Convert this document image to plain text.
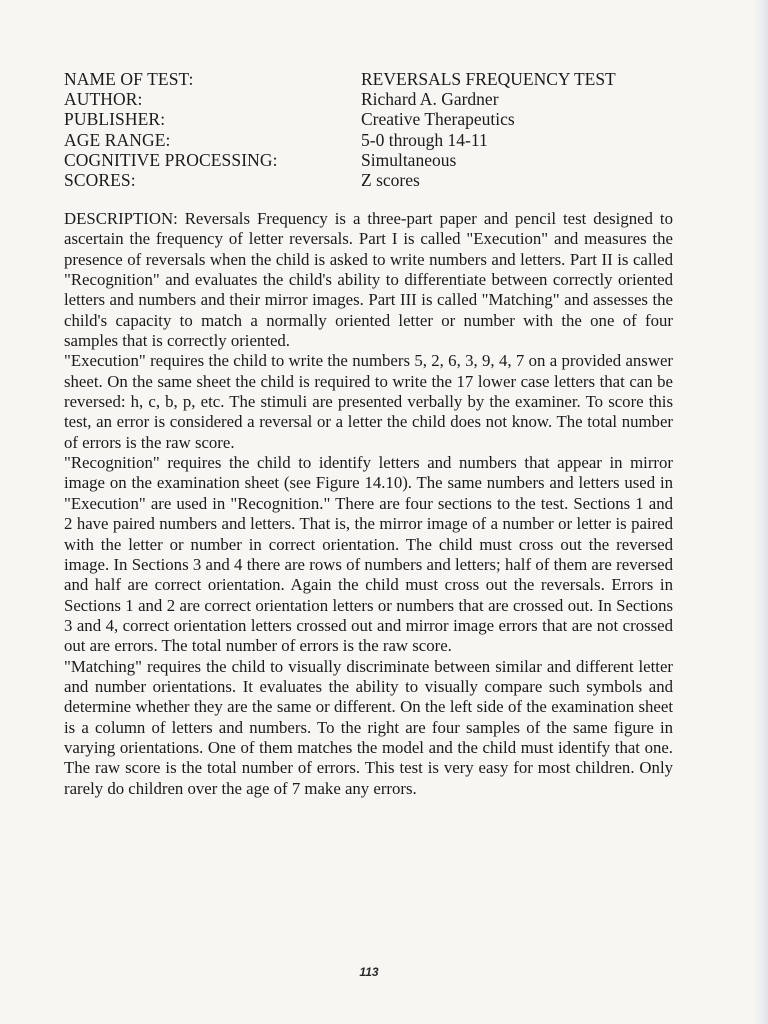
NAME OF TEST:	REVERSALS FREQUENCY TEST
AUTHOR:	Richard A. Gardner
PUBLISHER:	Creative Therapeutics
AGE RANGE:	5-0 through 14-11
COGNITIVE PROCESSING:	Simultaneous
SCORES:	Z scores

DESCRIPTION: Reversals Frequency is a three-part paper and pencil test designed to ascertain the frequency of letter reversals. Part I is called "Execution" and measures the presence of reversals when the child is asked to write numbers and letters. Part II is called "Recognition" and evaluates the child's ability to differentiate between correctly oriented letters and numbers and their mirror images. Part III is called "Matching" and assesses the child's capacity to match a normally oriented letter or number with the one of four samples that is correctly oriented.

"Execution" requires the child to write the numbers 5, 2, 6, 3, 9, 4, 7 on a provided answer sheet. On the same sheet the child is required to write the 17 lower case letters that can be reversed: h, c, b, p, etc. The stimuli are presented verbally by the examiner. To score this test, an error is considered a reversal or a letter the child does not know. The total number of errors is the raw score.

"Recognition" requires the child to identify letters and numbers that appear in mirror image on the examination sheet (see Figure 14.10). The same numbers and letters used in "Execution" are used in "Recognition." There are four sections to the test. Sections 1 and 2 have paired numbers and letters. That is, the mirror image of a number or letter is paired with the letter or number in correct orientation. The child must cross out the reversed image. In Sections 3 and 4 there are rows of numbers and letters; half of them are reversed and half are correct orientation. Again the child must cross out the reversals. Errors in Sections 1 and 2 are correct orientation letters or numbers that are crossed out. In Sections 3 and 4, correct orientation letters crossed out and mirror image errors that are not crossed out are errors. The total number of errors is the raw score.

"Matching" requires the child to visually discriminate between similar and different letter and number orientations. It evaluates the ability to visually compare such symbols and determine whether they are the same or different. On the left side of the examination sheet is a column of letters and numbers. To the right are four samples of the same figure in varying orientations. One of them matches the model and the child must identify that one. The raw score is the total number of errors. This test is very easy for most children. Only rarely do children over the age of 7 make any errors.

113
